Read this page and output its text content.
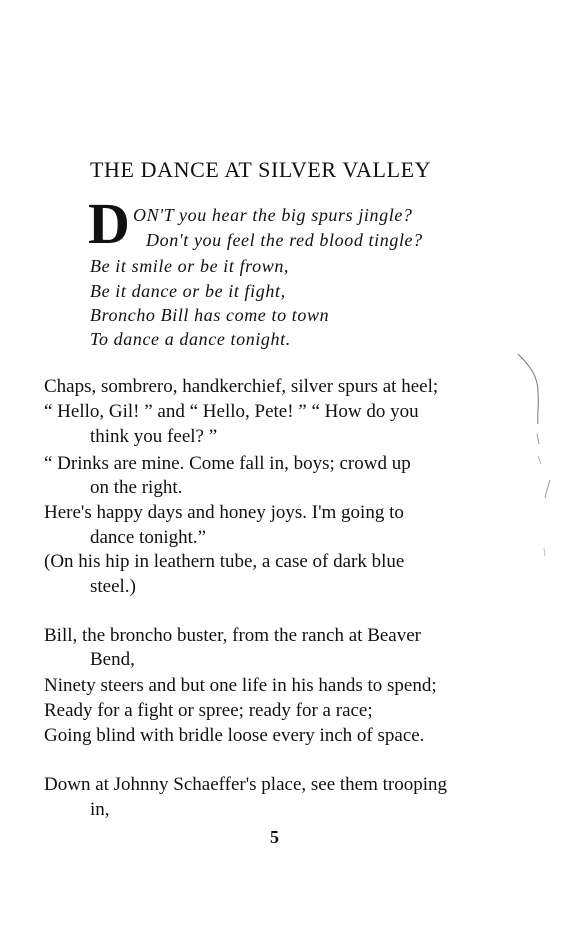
THE DANCE AT SILVER VALLEY
D ON'T you hear the big spurs jingle?
Don't you feel the red blood tingle?
Be it smile or be it frown,
Be it dance or be it fight,
Broncho Bill has come to town
To dance a dance tonight.
Chaps, sombrero, handkerchief, silver spurs at heel;
“ Hello, Gil! ” and “ Hello, Pete! ” “ How do you
think you feel? ”
“ Drinks are mine. Come fall in, boys; crowd up
on the right.
Here's happy days and honey joys. I'm going to
dance tonight.”
(On his hip in leathern tube, a case of dark blue
steel.)
Bill, the broncho buster, from the ranch at Beaver
Bend,
Ninety steers and but one life in his hands to spend;
Ready for a fight or spree; ready for a race;
Going blind with bridle loose every inch of space.
Down at Johnny Schaeffer's place, see them trooping
in,
5
